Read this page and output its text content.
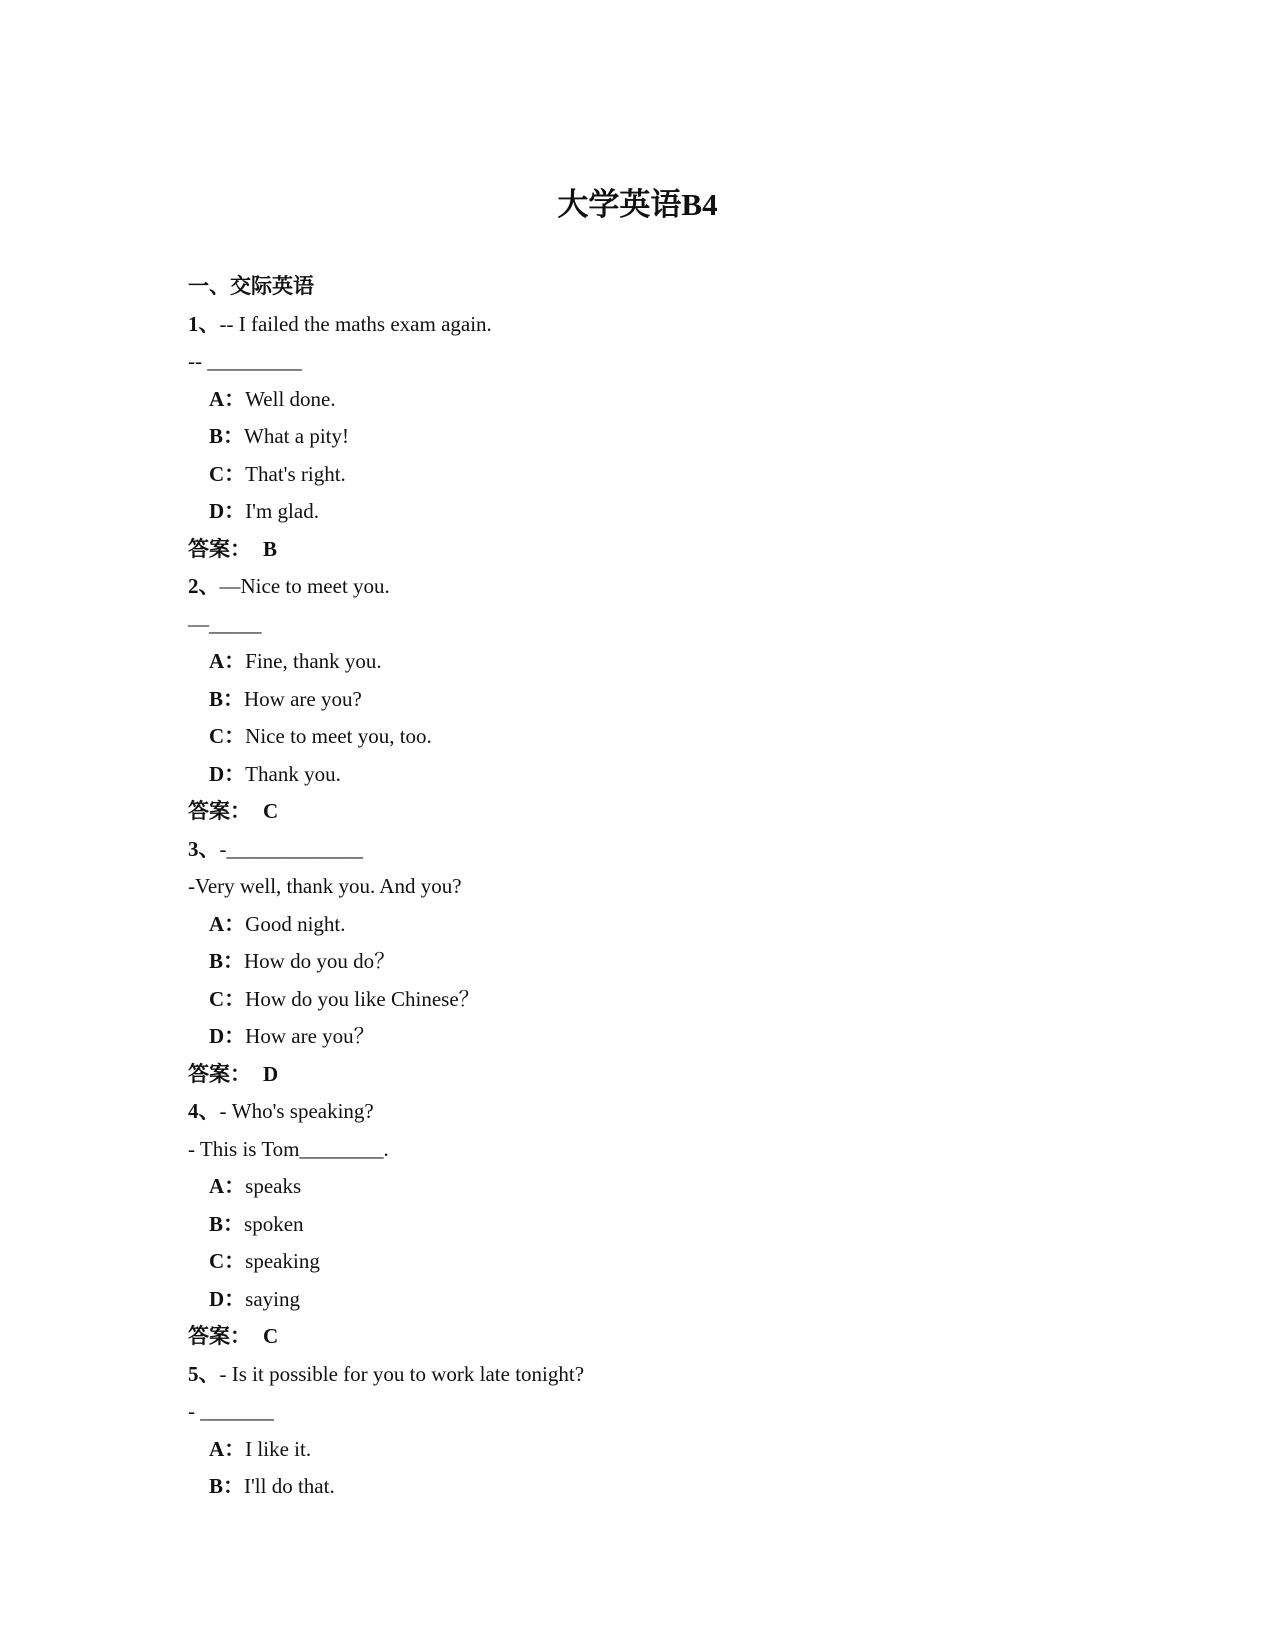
大学英语B4
一、交际英语
1、-- I failed the maths exam again.
-- _________
A：Well done.
B：What a pity!
C：That's right.
D：I'm glad.
答案： B
2、—Nice to meet you.
—_____
A：Fine, thank you.
B：How are you?
C：Nice to meet you, too.
D：Thank you.
答案： C
3、-_____________
-Very well, thank you. And you?
A：Good night.
B：How do you do？
C：How do you like Chinese？
D：How are you？
答案： D
4、- Who's speaking?
- This is Tom________.
A：speaks
B：spoken
C：speaking
D：saying
答案： C
5、- Is it possible for you to work late tonight?
- _______
A：I like it.
B：I'll do that.
